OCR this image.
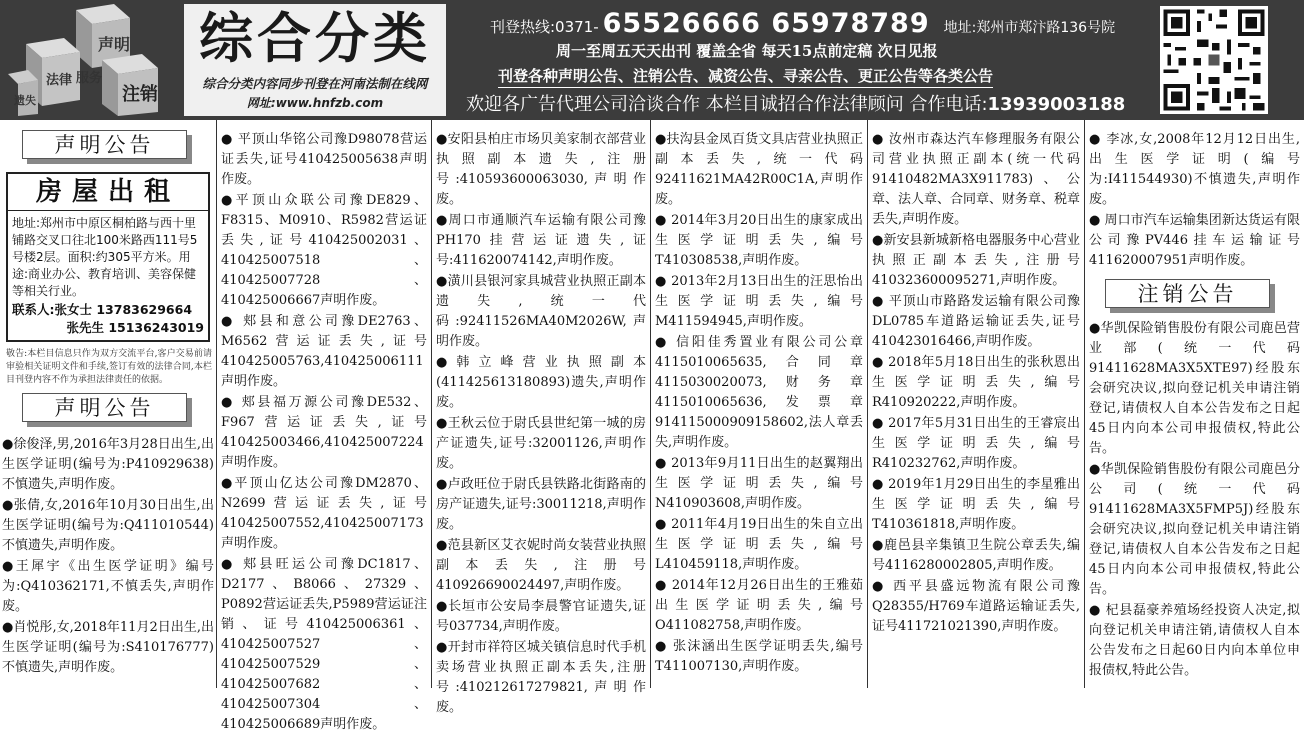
声明
法律 服务
注销
遗失
综合分类
综合分类内容同步刊登在河南法制在线网
网址:www.hnfzb.com
刊登热线:0371- 65526666 65978789 地址:郑州市郑汴路136号院
周一至周五天天出刊 覆盖全省 每天15点前定稿 次日见报
刊登各种声明公告、注销公告、减资公告、寻亲公告、更正公告等各类公告
欢迎各广告代理公司洽谈合作 本栏目诚招合作法律顾问 合作电话:13939003188
声明公告
房屋出租

地址:郑州市中原区桐柏路与西十里铺路交叉口往北100米路西111号5号楼2层。面积:约305平方米。用途:商业办公、教育培训、美容保健等相关行业。

联系人:张女士 13783629664

张先生 15136243019

敬告:本栏目信息只作为双方交流平台,客户交易前请审验相关证明文件和手续,签订有效的法律合同,本栏目刊登内容不作为承担法律责任的依据。

声明公告

●徐俊泽,男,2016年3月28日出生,出生医学证明(编号为:P410929638)不慎遗失,声明作废。

●张倩,女,2016年10月30日出生,出生医学证明(编号为:Q411010544)不慎遗失,声明作废。

●王犀宇《出生医学证明》编号为:Q410362171,不慎丢失,声明作废。

●肖悦彤,女,2018年11月2日出生,出生医学证明(编号为:S410176777)不慎遗失,声明作废。

● 平顶山华铭公司豫D98078营运证丢失,证号410425005638声明作废。

●平顶山众联公司豫DE829、F8315、M0910、R5982营运证丢失,证号410425002031、410425007518、410425007728、410425006667声明作废。

● 郏县和意公司豫DE2763、M6562营运证丢失,证号410425005763,410425006111声明作废。

● 郏县福万源公司豫DE532、F967营运证丢失,证号410425003466,410425007224声明作废。

●平顶山亿达公司豫DM2870、N2699营运证丢失,证号410425007552,410425007173声明作废。

● 郏县旺运公司豫DC1817、D2177、B8066、27329、P0892营运证丢失,P5989营运证注销、证号410425006361、410425007527、410425007529、410425007682、410425007304、410425006689声明作废。

●安阳县柏庄市场贝美家制衣部营业执照副本遗失,注册号:410593600063030,声明作废。

●周口市通顺汽车运输有限公司豫PH170挂营运证遗失,证号:411620074142,声明作废。

●潢川县银河家具城营业执照正副本遗失,统一代码:92411526MA40M2026W,声明作废。

●韩立峰营业执照副本(411425613180893)遗失,声明作废。

●王秋云位于尉氏县世纪第一城的房产证遗失,证号:32001126,声明作废。

●卢政旺位于尉氏县铁路北街路南的房产证遗失,证号:30011218,声明作废。

●范县新区艾衣妮时尚女装营业执照副本丢失,注册号410926690024497,声明作废。

●长垣市公安局李晨警官证遗失,证号037734,声明作废。

●开封市祥符区城关镇信息时代手机卖场营业执照正副本丢失,注册号:410212617279821,声明作废。

●扶沟县金凤百货文具店营业执照正副本丢失,统一代码92411621MA42R00C1A,声明作废。

● 2014年3月20日出生的康家成出生医学证明丢失,编号T410308538,声明作废。

● 2013年2月13日出生的汪思怡出生医学证明丢失,编号M411594945,声明作废。

● 信阳佳秀置业有限公司公章4115010065635,合同章4115030020073,财务章4115010065636,发票章914115000909158602,法人章丢失,声明作废。

● 2013年9月11日出生的赵翼翔出生医学证明丢失,编号N410903608,声明作废。

● 2011年4月19日出生的朱自立出生医学证明丢失,编号L410459118,声明作废。

● 2014年12月26日出生的王雅茹出生医学证明丢失,编号O411082758,声明作废。

● 张沫涵出生医学证明丢失,编号T411007130,声明作废。

● 汝州市森达汽车修理服务有限公司营业执照正副本(统一代码91410482MA3X911783)、公章、法人章、合同章、财务章、税章丢失,声明作废。

●新安县新城新格电器服务中心营业执照正副本丢失,注册号410323600095271,声明作废。

● 平顶山市路路发运输有限公司豫DL0785车道路运输证丢失,证号410423016466,声明作废。

● 2018年5月18日出生的张秋恩出生医学证明丢失,编号R410920222,声明作废。

● 2017年5月31日出生的王睿宸出生医学证明丢失,编号R410232762,声明作废。

● 2019年1月29日出生的李星雅出生医学证明丢失,编号T410361818,声明作废。

●鹿邑县辛集镇卫生院公章丢失,编号4116280002805,声明作废。

● 西平县盛远物流有限公司豫Q28355/H769车道路运输证丢失,证号411721021390,声明作废。

● 李冰,女,2008年12月12日出生,出生医学证明(编号为:I411544930)不慎遗失,声明作废。

● 周口市汽车运输集团新达货运有限公司豫PV446挂车运输证号411620007951声明作废。

注销公告

●华凯保险销售股份有限公司鹿邑营业部(统一代码91411628MA3X5XTE97)经股东会研究决议,拟向登记机关申请注销登记,请债权人自本公告发布之日起45日内向本公司申报债权,特此公告。

●华凯保险销售股份有限公司鹿邑分公司(统一代码91411628MA3X5FMP5J)经股东会研究决议,拟向登记机关申请注销登记,请债权人自本公告发布之日起45日内向本公司申报债权,特此公告。

● 杞县磊豪养殖场经投资人决定,拟向登记机关申请注销,请债权人自本公告发布之日起60日内向本单位申报债权,特此公告。
